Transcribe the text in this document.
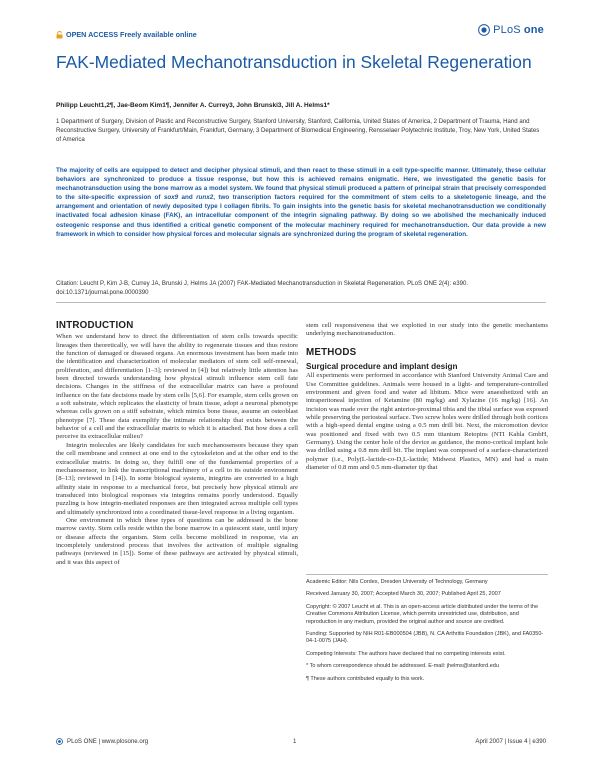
OPEN ACCESS Freely available online	PLoS one
FAK-Mediated Mechanotransduction in Skeletal Regeneration
Philipp Leucht1,2¶, Jae-Beom Kim1¶, Jennifer A. Currey3, John Brunski3, Jill A. Helms1*
1 Department of Surgery, Division of Plastic and Reconstructive Surgery, Stanford University, Stanford, California, United States of America, 2 Department of Trauma, Hand and Reconstructive Surgery, University of Frankfurt/Main, Frankfurt, Germany, 3 Department of Biomedical Engineering, Rensselaer Polytechnic Institute, Troy, New York, United States of America
The majority of cells are equipped to detect and decipher physical stimuli, and then react to these stimuli in a cell type-specific manner. Ultimately, these cellular behaviors are synchronized to produce a tissue response, but how this is achieved remains enigmatic. Here, we investigated the genetic basis for mechanotransduction using the bone marrow as a model system. We found that physical stimuli produced a pattern of principal strain that precisely corresponded to the site-specific expression of sox9 and runx2, two transcription factors required for the commitment of stem cells to a skeletogenic lineage, and the arrangement and orientation of newly deposited type I collagen fibrils. To gain insights into the genetic basis for skeletal mechanotransduction we conditionally inactivated focal adhesion kinase (FAK), an intracellular component of the integrin signaling pathway. By doing so we abolished the mechanically induced osteogenic response and thus identified a critical genetic component of the molecular machinery required for mechanotransduction. Our data provide a new framework in which to consider how physical forces and molecular signals are synchronized during the program of skeletal regeneration.
Citation: Leucht P, Kim J-B, Currey JA, Brunski J, Helms JA (2007) FAK-Mediated Mechanotransduction in Skeletal Regeneration. PLoS ONE 2(4): e390. doi:10.1371/journal.pone.0000390
INTRODUCTION

When we understand how to direct the differentiation of stem cells towards specific lineages then theoretically, we will have the ability to regenerate tissues and thus restore the function of damaged or diseased organs. An enormous investment has been made into the identification and characterization of molecular mediators of stem cell self-renewal, proliferation, and differentiation [1–3]; reviewed in [4]) but relatively little attention has been directed towards understanding how physical stimuli influence stem cell fate decisions. Changes in the stiffness of the extracellular matrix can have a profound influence on the fate decisions made by stem cells [5,6]. For example, stem cells grown on a soft substrate, which replicates the elasticity of brain tissue, adopt a neuronal phenotype whereas cells grown on a stiff substrate, which mimics bone tissue, assume an osteoblast phenotype [7]. These data exemplify the intimate relationship that exists between the behavior of a cell and the extracellular matrix to which it is attached. But how does a cell perceive its extracellular milieu?

Integrin molecules are likely candidates for such mechanosensors because they span the cell membrane and connect at one end to the cytoskeleton and at the other end to the extracellular matrix. In doing so, they fulfill one of the fundamental properties of a mechanosensor, to link the transcriptional machinery of a cell to its outside environment [8–13]; reviewed in [14]). In some biological systems, integrins are converted to a high affinity state in response to a mechanical force, but precisely how physical stimuli are transduced into biological responses via integrins remains poorly understood. Equally puzzling is how integrin-mediated responses are then integrated across multiple cell types and ultimately synchronized into a coordinated tissue-level response in a living organism.

One environment in which these types of questions can be addressed is the bone marrow cavity. Stem cells reside within the bone marrow in a quiescent state, until injury or disease affects the organism. Stem cells become mobilized in response, via an incompletely understood process that involves the activation of multiple signaling pathways (reviewed in [15]). Some of these pathways are activated by physical stimuli, and it was this aspect of

stem cell responsiveness that we exploited in our study into the genetic mechanisms underlying mechanotransduction.

METHODS
Surgical procedure and implant design

All experiments were performed in accordance with Stanford University Animal Care and Use Committee guidelines. Animals were housed in a light- and temperature-controlled environment and given food and water ad libitum. Mice were anaesthetized with an intraperitoneal injection of Ketamine (80 mg/kg) and Xylazine (16 mg/kg) [16]. An incision was made over the right anterior-proximal tibia and the tibial surface was exposed while preserving the periosteal surface. Two screw holes were drilled through both cortices with a high-speed dental engine using a 0.5 mm drill bit. Next, the micromotion device was positioned and fixed with two 0.5 mm titanium Retopins (NTI Kahla GmbH, Germany). Using the center hole of the device as guidance, the mono-cortical implant hole was drilled using a 0.8 mm drill bit. The implant was composed of a surface-characterized polymer (i.e., Poly(L-lactide-co-D,L-lactide; Midwest Plastics, MN) and had a main diameter of 0.8 mm and 0.5 mm-diameter tip that

Academic Editor: Nils Cordes, Dresden University of Technology, Germany
Received January 30, 2007; Accepted March 30, 2007; Published April 25, 2007
Copyright: © 2007 Leucht et al. This is an open-access article distributed under the terms of the Creative Commons Attribution License, which permits unrestricted use, distribution, and reproduction in any medium, provided the original author and source are credited.
Funding: Supported by NIH R01-EB000504 (JBB), N. CA Arthritis Foundation (JBK), and FA0350-04-1-0075 (JAH).
Competing Interests: The authors have declared that no competing interests exist.
* To whom correspondence should be addressed. E-mail: jhelms@stanford.edu
¶ These authors contributed equally to this work.
PLoS ONE | www.plosone.org	1	April 2007 | Issue 4 | e390
